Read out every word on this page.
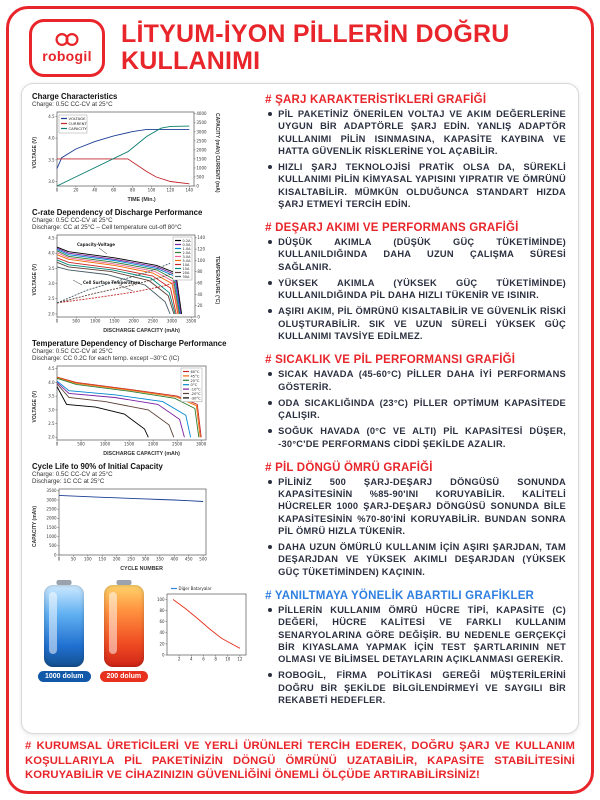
robogil
LİTYUM-İYON PİLLERİN DOĞRU
KULLANIMI
Charge Characteristics
Charge: 0.5C CC-CV at 25°C
VOLTAGE (V)
0	20	40	60	80	100	120	140
3.0
3.5
4.0
4.5
0
500
1000
1500
2000
2500
3000
3500
4000
VOLTAGE
CURRENT
CAPACITY	CAPACITY (mAh) CURRENT (mA)
TIME (Min.)
C-rate Dependency of Discharge Performance
Charge: 0.5C CC-CV at 25°C
Discharge: CC at 25°C – Cell temperature cut-off 80°C
VOLTAGE (V)
0	500	1000 1500 2000 2500 3000 3500
2.0
2.5
3.0
3.5
4.0
4.5
0
20
40
60
80
100
120
140
Capacity-Voltage
Cell Surface Temperature
0.2A
0.5A
1.0A
2.0A
3.0A
5.0A
10A
15A
20A
30A	TEMPERATURE (°C)
DISCHARGE CAPACITY (mAh)
Temperature Dependency of Discharge Performance
Charge: 0.5C CC-CV at 25°C
Discharge: CC 0.2C for each temp. except –30°C (IC)
VOLTAGE (V)
0	500	1000	1500	2000	2500	3000
2.0
2.5
3.0
3.5
4.0
4.5
60°C
45°C
25°C
0°C
-10°C
-20°C
-30°C
DISCHARGE CAPACITY (mAh)
Cycle Life to 90% of Initial Capacity
Charge: 0.5C CC-CV at 25°C
Discharge: 1C CC at 25°C
CAPACITY (mAh)
0	50 100 150 200 250 300 350 400 450 500
0
500
1000
1500
2000
2500
3000
3500
CYCLE NUMBER
1000 dolum	200 dolum
2 4 6 8 10 12
0
20
40
60
80
100
Diğer Bataryalar
# ŞARJ KARAKTERİSTİKLERİ GRAFİĞİ
PİL PAKETİNİZ ÖNERİLEN VOLTAJ VE AKIM DEĞERLERİNE UYGUN BİR ADAPTÖRLE ŞARJ EDİN. YANLIŞ ADAPTÖR KULLANIMI PİLİN ISINMASINA, KAPASİTE KAYBINA VE HATTA GÜVENLİK RİSKLERİNE YOL AÇABİLİR.
HIZLI ŞARJ TEKNOLOJİSİ PRATİK OLSA DA, SÜREKLİ KULLANIMI PİLİN KİMYASAL YAPISINI YIPRATIR VE ÖMRÜNÜ KISALTABİLİR. MÜMKÜN OLDUĞUNCA STANDART HIZDA ŞARJ ETMEYİ TERCİH EDİN.
# DEŞARJ AKIMI VE PERFORMANS GRAFİĞİ
DÜŞÜK AKIMLA (DÜŞÜK GÜÇ TÜKETİMİNDE) KULLANILDIĞINDA DAHA UZUN ÇALIŞMA SÜRESİ SAĞLANIR.
YÜKSEK AKIMLA (YÜKSEK GÜÇ TÜKETİMİNDE) KULLANILDIĞINDA PİL DAHA HIZLI TÜKENİR VE ISINIR.
AŞIRI AKIM, PİL ÖMRÜNÜ KISALTABİLİR VE GÜVENLİK RİSKİ OLUŞTURABİLİR. SIK VE UZUN SÜRELİ YÜKSEK GÜÇ KULLANIMI TAVSİYE EDİLMEZ.
# SICAKLIK VE PİL PERFORMANSI GRAFİĞİ
SICAK HAVADA (45-60°C) PİLLER DAHA İYİ PERFORMANS GÖSTERİR.
ODA SICAKLIĞINDA (23°C) PİLLER OPTİMUM KAPASİTEDE ÇALIŞIR.
SOĞUK HAVADA (0°C VE ALTI) PİL KAPASİTESİ DÜŞER, -30°C'DE PERFORMANS CİDDİ ŞEKİLDE AZALIR.
# PİL DÖNGÜ ÖMRÜ GRAFİĞİ
PİLİNİZ 500 ŞARJ-DEŞARJ DÖNGÜSÜ SONUNDA KAPASİTESİNİN %85-90'INI KORUYABİLİR. KALİTELİ HÜCRELER 1000 ŞARJ-DEŞARJ DÖNGÜSÜ SONUNDA BİLE KAPASİTESİNİN %70-80'İNİ KORUYABİLİR. BUNDAN SONRA PİL ÖMRÜ HIZLA TÜKENİR.
DAHA UZUN ÖMÜRLÜ KULLANIM İÇİN AŞIRI ŞARJDAN, TAM DEŞARJDAN VE YÜKSEK AKIMLI DEŞARJDAN (YÜKSEK GÜÇ TÜKETİMİNDEN) KAÇININ.
# YANILTMAYA YÖNELİK ABARTILI GRAFİKLER
PİLLERİN KULLANIM ÖMRÜ HÜCRE TİPİ, KAPASİTE (C) DEĞERİ, HÜCRE KALİTESİ VE FARKLI KULLANIM SENARYOLARINA GÖRE DEĞİŞİR. BU NEDENLE GERÇEKÇİ BİR KIYASLAMA YAPMAK İÇİN TEST ŞARTLARININ NET OLMASI VE BİLİMSEL DETAYLARIN AÇIKLANMASI GEREKİR.
ROBOGİL, FİRMA POLİTİKASI GEREĞİ MÜŞTERİLERİNİ DOĞRU BİR ŞEKİLDE BİLGİLENDİRMEYİ VE SAYGILI BİR REKABETİ HEDEFLER.

# KURUMSAL ÜRETİCİLERİ VE YERLİ ÜRÜNLERİ TERCİH EDEREK, DOĞRU ŞARJ VE KULLANIM KOŞULLARIYLA PİL PAKETİNİZİN DÖNGÜ ÖMRÜNÜ UZATABİLİR, KAPASİTE STABİLİTESİNİ KORUYABİLİR VE CİHAZINIZIN GÜVENLİĞİNİ ÖNEMLİ ÖLÇÜDE ARTIRABİLİRSİNİZ!
